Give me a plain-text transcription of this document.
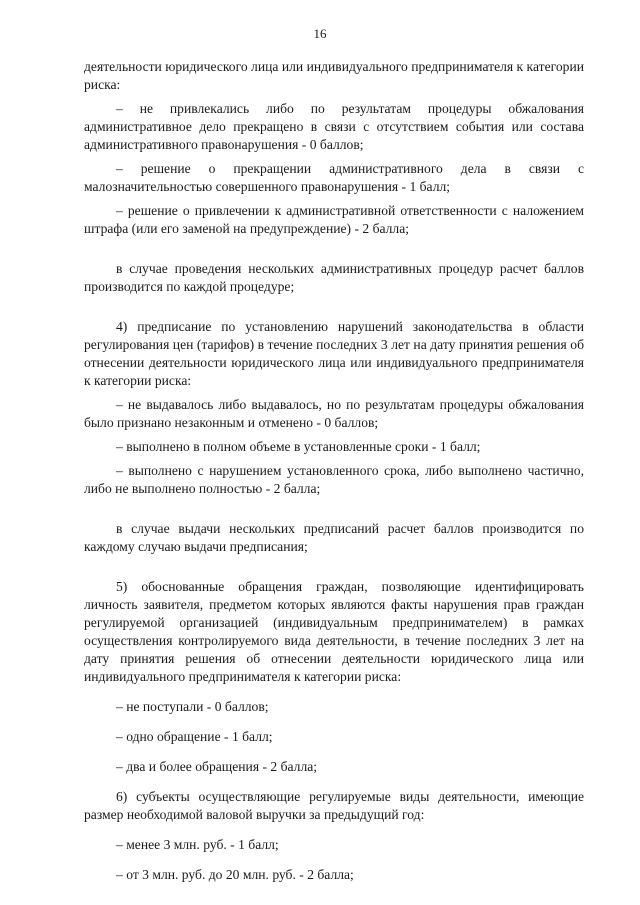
16

деятельности юридического лица или индивидуального предпринимателя к категории риска:

– не привлекались либо по результатам процедуры обжалования административное дело прекращено в связи с отсутствием события или состава административного правонарушения - 0 баллов;

– решение о прекращении административного дела в связи с малозначительностью совершенного правонарушения - 1 балл;

– решение о привлечении к административной ответственности с наложением штрафа (или его заменой на предупреждение) - 2 балла;

в случае проведения нескольких административных процедур расчет баллов производится по каждой процедуре;

4) предписание по установлению нарушений законодательства в области регулирования цен (тарифов) в течение последних 3 лет на дату принятия решения об отнесении деятельности юридического лица или индивидуального предпринимателя к категории риска:

– не выдавалось либо выдавалось, но по результатам процедуры обжалования было признано незаконным и отменено - 0 баллов;

– выполнено в полном объеме в установленные сроки - 1 балл;

– выполнено с нарушением установленного срока, либо выполнено частично, либо не выполнено полностью - 2 балла;

в случае выдачи нескольких предписаний расчет баллов производится по каждому случаю выдачи предписания;

5) обоснованные обращения граждан, позволяющие идентифицировать личность заявителя, предметом которых являются факты нарушения прав граждан регулируемой организацией (индивидуальным предпринимателем) в рамках осуществления контролируемого вида деятельности, в течение последних 3 лет на дату принятия решения об отнесении деятельности юридического лица или индивидуального предпринимателя к категории риска:

– не поступали - 0 баллов;

– одно обращение - 1 балл;

– два и более обращения - 2 балла;

6) субъекты осуществляющие регулируемые виды деятельности, имеющие размер необходимой валовой выручки за предыдущий год:

– менее 3 млн. руб. - 1 балл;

– от 3 млн. руб. до 20 млн. руб. - 2 балла;
